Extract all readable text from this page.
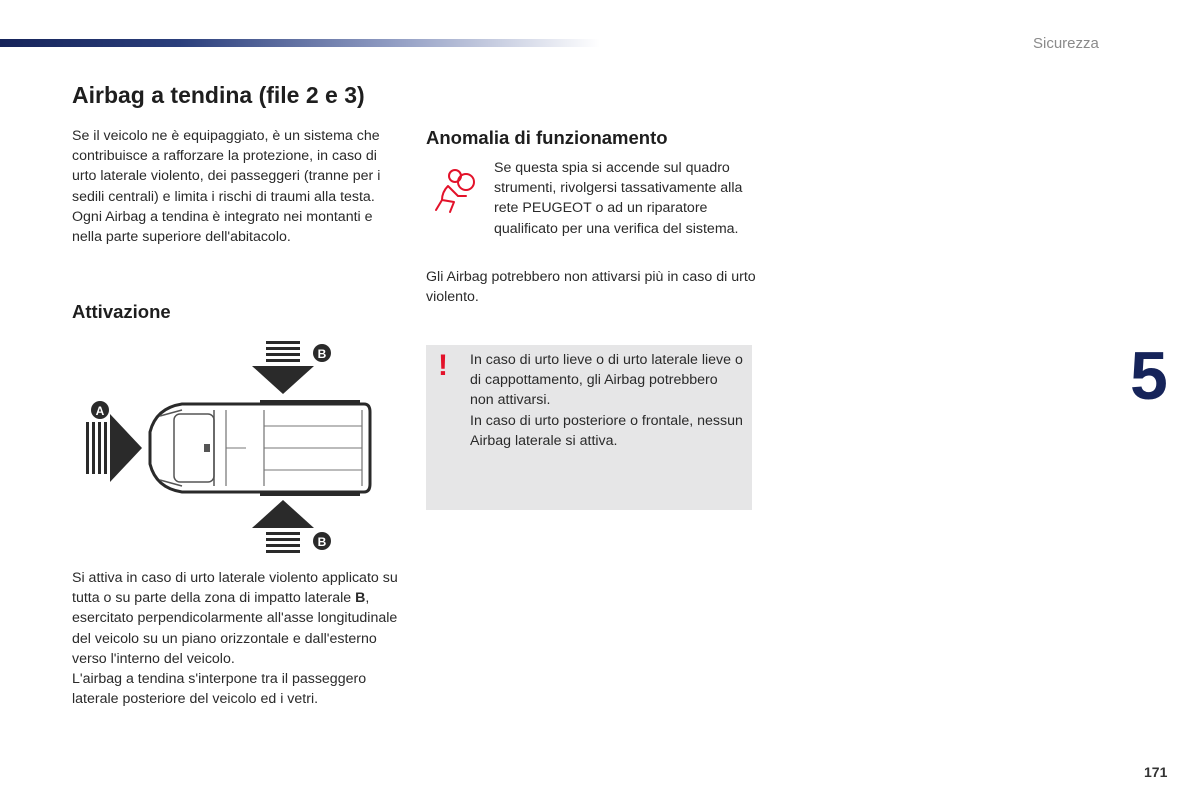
Sicurezza
Airbag a tendina (file 2 e 3)

Se il veicolo ne è equipaggiato, è un sistema che contribuisce a rafforzare la protezione, in caso di urto laterale violento, dei passeggeri (tranne per i sedili centrali) e limita i rischi di traumi alla testa.

Ogni Airbag a tendina è integrato nei montanti e nella parte superiore dell'abitacolo.

Attivazione
B
B
A

Si attiva in caso di urto laterale violento applicato su tutta o su parte della zona di impatto laterale B, esercitato perpendicolarmente all'asse longitudinale del veicolo su un piano orizzontale e dall'esterno verso l'interno del veicolo.
L'airbag a tendina s'interpone tra il passeggero laterale posteriore del veicolo ed i vetri.

Anomalia di funzionamento

Se questa spia si accende sul quadro strumenti, rivolgersi tassativamente alla rete PEUGEOT o ad un riparatore qualificato per una verifica del sistema.

Gli Airbag potrebbero non attivarsi più in caso di urto violento.

! In caso di urto lieve o di urto laterale lieve o di cappottamento, gli Airbag potrebbero non attivarsi.

In caso di urto posteriore o frontale, nessun Airbag laterale si attiva.

5
171
